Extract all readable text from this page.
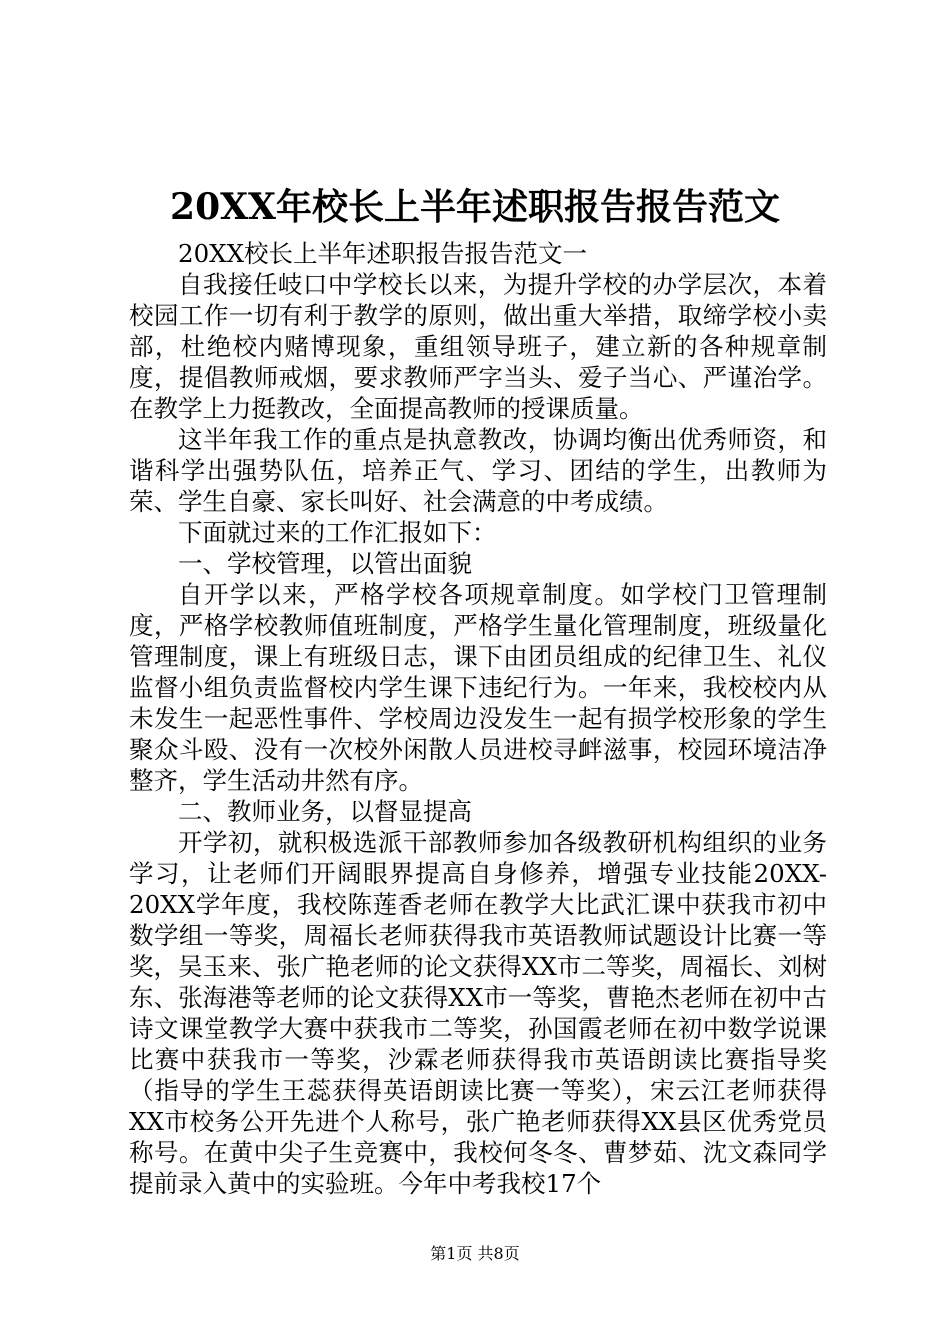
20XX年校长上半年述职报告报告范文

20XX校长上半年述职报告报告范文一

自我接任岐口中学校长以来，为提升学校的办学层次，本着校园工作一切有利于教学的原则，做出重大举措，取缔学校小卖部，杜绝校内赌博现象，重组领导班子，建立新的各种规章制度，提倡教师戒烟，要求教师严字当头、爱子当心、严谨治学。在教学上力挺教改，全面提高教师的授课质量。

这半年我工作的重点是执意教改，协调均衡出优秀师资，和谐科学出强势队伍，培养正气、学习、团结的学生，出教师为荣、学生自豪、家长叫好、社会满意的中考成绩。

下面就过来的工作汇报如下：

一、学校管理，以管出面貌

自开学以来，严格学校各项规章制度。如学校门卫管理制度，严格学校教师值班制度，严格学生量化管理制度，班级量化管理制度，课上有班级日志，课下由团员组成的纪律卫生、礼仪监督小组负责监督校内学生课下违纪行为。一年来，我校校内从未发生一起恶性事件、学校周边没发生一起有损学校形象的学生聚众斗殴、没有一次校外闲散人员进校寻衅滋事，校园环境洁净整齐，学生活动井然有序。

二、教师业务，以督显提高

开学初，就积极选派干部教师参加各级教研机构组织的业务学习，让老师们开阔眼界提高自身修养，增强专业技能20XX-20XX学年度，我校陈莲香老师在教学大比武汇课中获我市初中数学组一等奖，周福长老师获得我市英语教师试题设计比赛一等奖，吴玉来、张广艳老师的论文获得XX市二等奖，周福长、刘树东、张海港等老师的论文获得XX市一等奖，曹艳杰老师在初中古诗文课堂教学大赛中获我市二等奖，孙国霞老师在初中数学说课比赛中获我市一等奖，沙霖老师获得我市英语朗读比赛指导奖（指导的学生王蕊获得英语朗读比赛一等奖），宋云江老师获得XX市校务公开先进个人称号，张广艳老师获得XX县区优秀党员称号。在黄中尖子生竞赛中，我校何冬冬、曹梦茹、沈文森同学提前录入黄中的实验班。今年中考我校17个

第1页 共8页
